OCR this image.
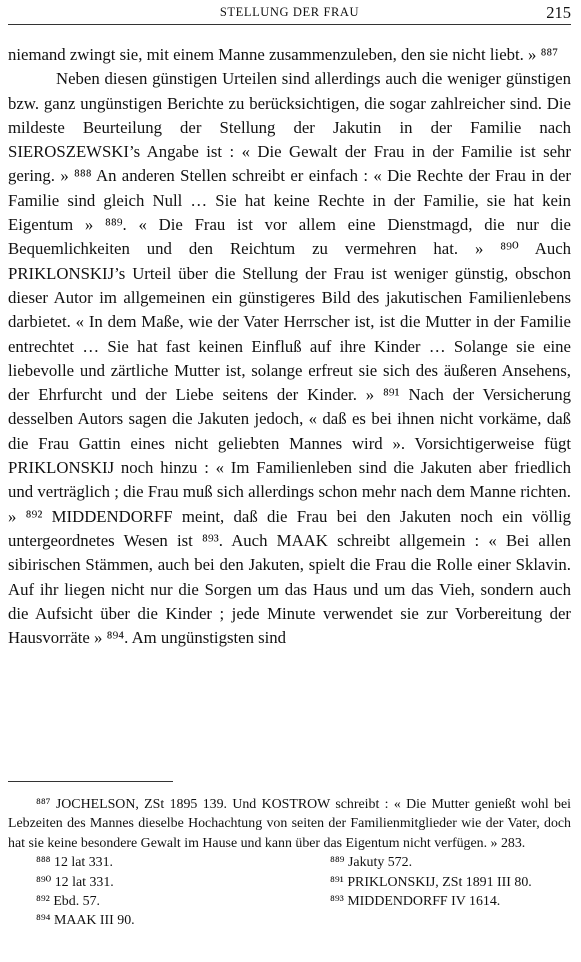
STELLUNG DER FRAU	215

niemand zwingt sie, mit einem Manne zusammenzuleben, den sie nicht liebt. » ⁸⁸⁷

Neben diesen günstigen Urteilen sind allerdings auch die weniger günstigen bzw. ganz ungünstigen Berichte zu berücksichtigen, die sogar zahlreicher sind. Die mildeste Beurteilung der Stellung der Jakutin in der Familie nach SIEROSZEWSKI’s Angabe ist : « Die Gewalt der Frau in der Familie ist sehr gering. » ⁸⁸⁸ An anderen Stellen schreibt er einfach : « Die Rechte der Frau in der Familie sind gleich Null … Sie hat keine Rechte in der Familie, sie hat kein Eigentum » ⁸⁸⁹. « Die Frau ist vor allem eine Dienstmagd, die nur die Bequemlichkeiten und den Reichtum zu vermehren hat. » ⁸⁹⁰ Auch PRIKLONSKIJ’s Urteil über die Stellung der Frau ist weniger günstig, obschon dieser Autor im allgemeinen ein günstigeres Bild des jakutischen Familienlebens darbietet. « In dem Maße, wie der Vater Herrscher ist, ist die Mutter in der Familie entrechtet … Sie hat fast keinen Einfluß auf ihre Kinder … Solange sie eine liebevolle und zärtliche Mutter ist, solange erfreut sie sich des äußeren Ansehens, der Ehrfurcht und der Liebe seitens der Kinder. » ⁸⁹¹ Nach der Versicherung desselben Autors sagen die Jakuten jedoch, « daß es bei ihnen nicht vorkäme, daß die Frau Gattin eines nicht geliebten Mannes wird ». Vorsichtigerweise fügt PRIKLONSKIJ noch hinzu : « Im Familienleben sind die Jakuten aber friedlich und verträglich ; die Frau muß sich allerdings schon mehr nach dem Manne richten. » ⁸⁹² MIDDENDORFF meint, daß die Frau bei den Jakuten noch ein völlig untergeordnetes Wesen ist ⁸⁹³. Auch MAAK schreibt allgemein : « Bei allen sibirischen Stämmen, auch bei den Jakuten, spielt die Frau die Rolle einer Sklavin. Auf ihr liegen nicht nur die Sorgen um das Haus und um das Vieh, sondern auch die Aufsicht über die Kinder ; jede Minute verwendet sie zur Vorbereitung der Hausvorräte » ⁸⁹⁴. Am ungünstigsten sind

⁸⁸⁷ JOCHELSON, ZSt 1895 139. Und KOSTROW schreibt : « Die Mutter genießt wohl bei Lebzeiten des Mannes dieselbe Hochachtung von seiten der Familienmitglieder wie der Vater, doch hat sie keine besondere Gewalt im Hause und kann über das Eigentum nicht verfügen. » 283.
⁸⁸⁸ 12 lat 331.	⁸⁸⁹ Jakuty 572.
⁸⁹⁰ 12 lat 331.	⁸⁹¹ PRIKLONSKIJ, ZSt 1891 III 80.
⁸⁹² Ebd. 57.	⁸⁹³ MIDDENDORFF IV 1614.
⁸⁹⁴ MAAK III 90.
